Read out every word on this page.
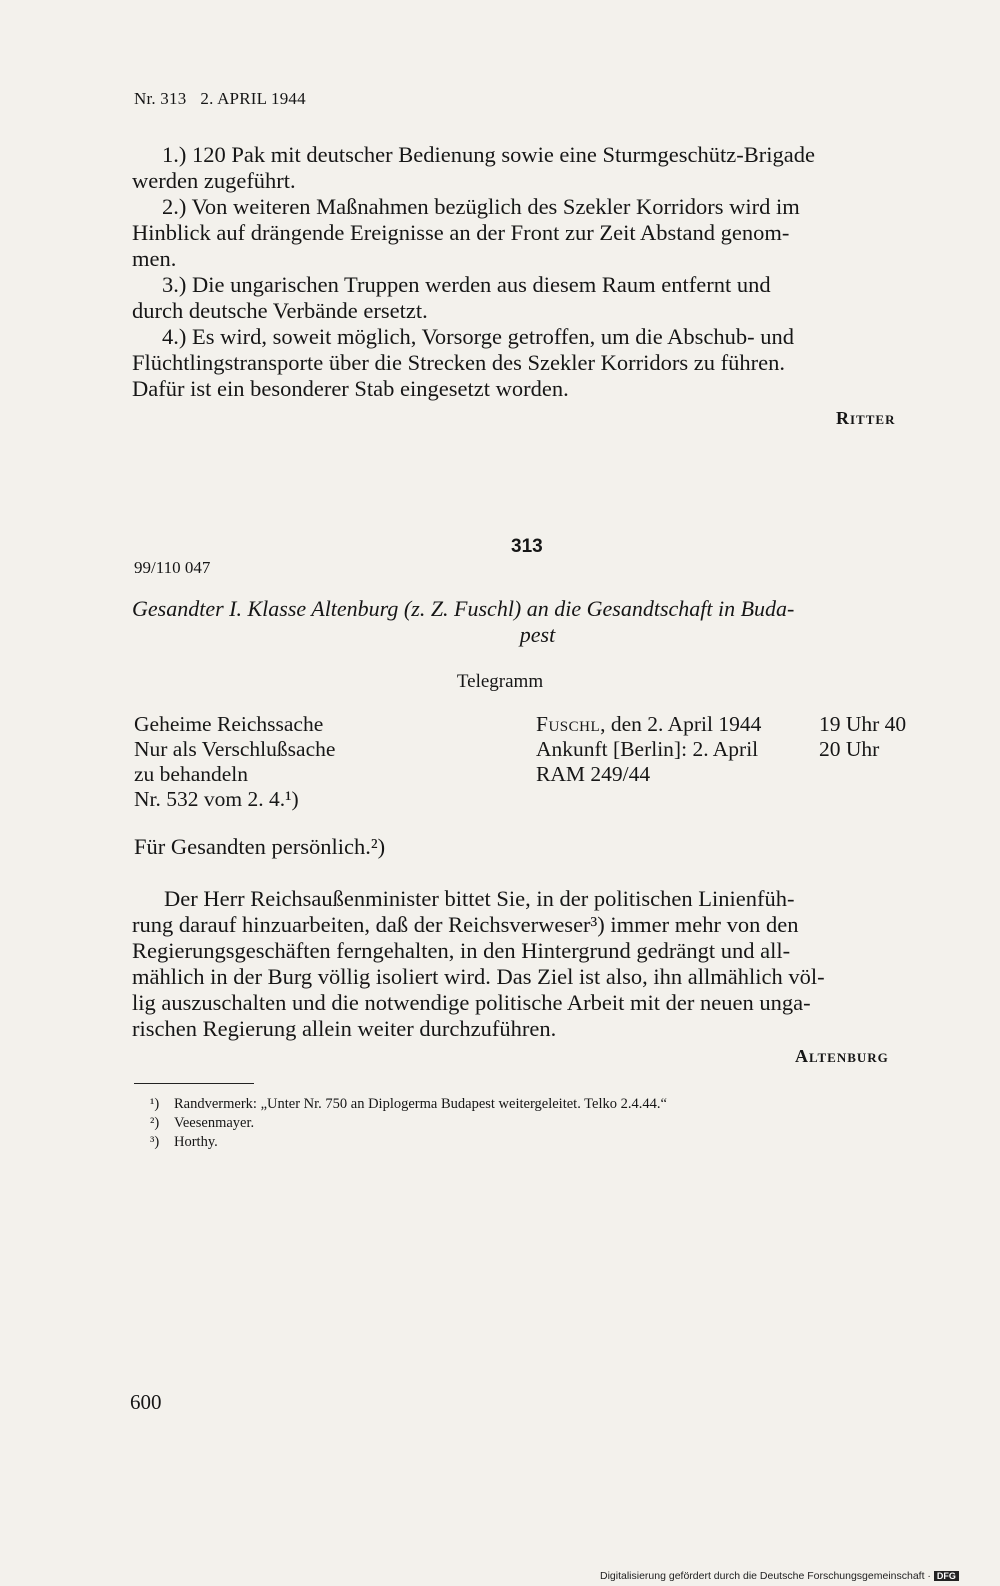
Nr. 313 2. APRIL 1944
1.) 120 Pak mit deutscher Bedienung sowie eine Sturmgeschütz-Brigade
werden zugeführt.
2.) Von weiteren Maßnahmen bezüglich des Szekler Korridors wird im
Hinblick auf drängende Ereignisse an der Front zur Zeit Abstand genom-
men.
3.) Die ungarischen Truppen werden aus diesem Raum entfernt und
durch deutsche Verbände ersetzt.
4.) Es wird, soweit möglich, Vorsorge getroffen, um die Abschub- und
Flüchtlingstransporte über die Strecken des Szekler Korridors zu führen.
Dafür ist ein besonderer Stab eingesetzt worden.
Ritter
313
99/110 047
Gesandter I. Klasse Altenburg (z. Z. Fuschl) an die Gesandtschaft in Buda-
pest
Telegramm
Geheime Reichssache
Nur als Verschlußsache
zu behandeln
Nr. 532 vom 2. 4.¹)
Fuschl, den 2. April 1944
Ankunft [Berlin]: 2. April
RAM 249/44
19 Uhr 40
20 Uhr
Für Gesandten persönlich.²)
Der Herr Reichsaußenminister bittet Sie, in der politischen Linienfüh-
rung darauf hinzuarbeiten, daß der Reichsverweser³) immer mehr von den
Regierungsgeschäften ferngehalten, in den Hintergrund gedrängt und all-
mählich in der Burg völlig isoliert wird. Das Ziel ist also, ihn allmählich völ-
lig auszuschalten und die notwendige politische Arbeit mit der neuen unga-
rischen Regierung allein weiter durchzuführen.
Altenburg
¹) Randvermerk: „Unter Nr. 750 an Diplogerma Budapest weitergeleitet. Telko 2.4.44.“
²) Veesenmayer.
³) Horthy.
600
Digitalisierung gefördert durch die Deutsche Forschungsgemeinschaft · DFG
